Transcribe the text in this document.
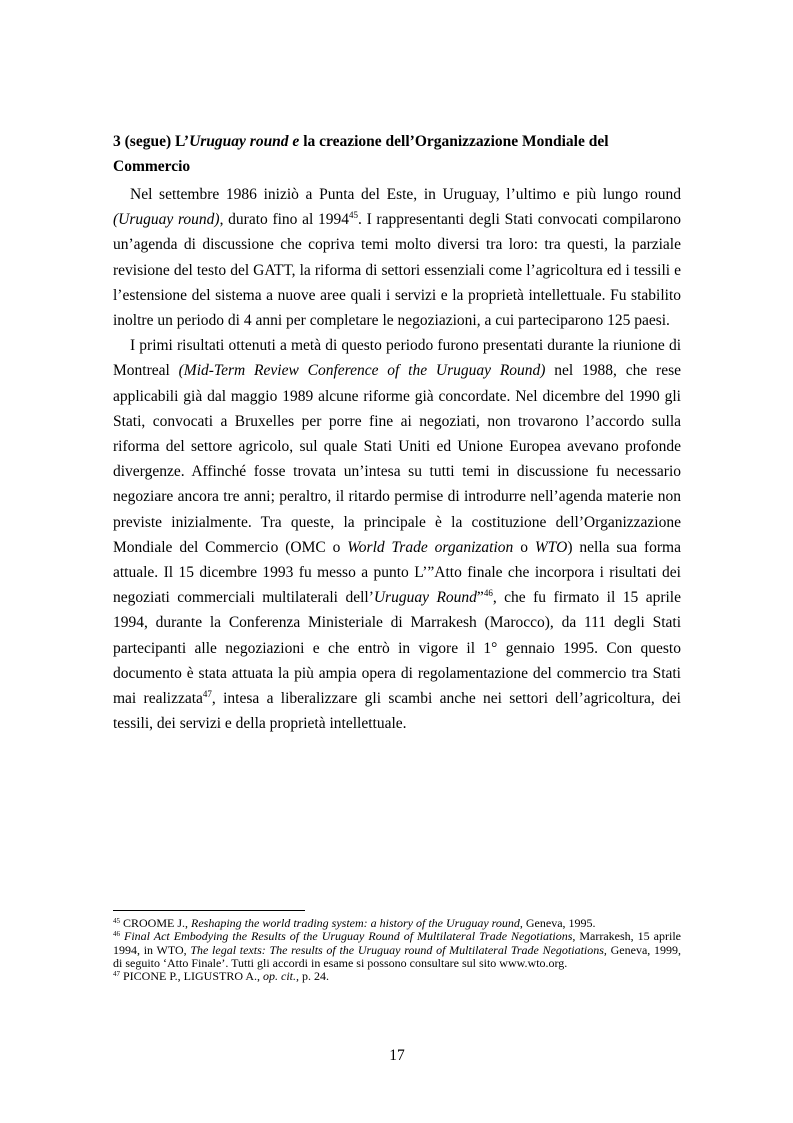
3 (segue) L’Uruguay round e la creazione dell’Organizzazione Mondiale del Commercio

Nel settembre 1986 iniziò a Punta del Este, in Uruguay, l’ultimo e più lungo round (Uruguay round), durato fino al 1994$^{45}$. I rappresentanti degli Stati convocati compilarono un’agenda di discussione che copriva temi molto diversi tra loro: tra questi, la parziale revisione del testo del GATT, la riforma di settori essenziali come l’agricoltura ed i tessili e l’estensione del sistema a nuove aree quali i servizi e la proprietà intellettuale. Fu stabilito inoltre un periodo di 4 anni per completare le negoziazioni, a cui parteciparono 125 paesi.

I primi risultati ottenuti a metà di questo periodo furono presentati durante la riunione di Montreal (Mid-Term Review Conference of the Uruguay Round) nel 1988, che rese applicabili già dal maggio 1989 alcune riforme già concordate. Nel dicembre del 1990 gli Stati, convocati a Bruxelles per porre fine ai negoziati, non trovarono l’accordo sulla riforma del settore agricolo, sul quale Stati Uniti ed Unione Europea avevano profonde divergenze. Affinché fosse trovata un’intesa su tutti temi in discussione fu necessario negoziare ancora tre anni; peraltro, il ritardo permise di introdurre nell’agenda materie non previste inizialmente. Tra queste, la principale è la costituzione dell’Organizzazione Mondiale del Commercio (OMC o World Trade organization o WTO) nella sua forma attuale. Il 15 dicembre 1993 fu messo a punto L’”Atto finale che incorpora i risultati dei negoziati commerciali multilaterali dell’Uruguay Round”$^{46}$, che fu firmato il 15 aprile 1994, durante la Conferenza Ministeriale di Marrakesh (Marocco), da 111 degli Stati partecipanti alle negoziazioni e che entrò in vigore il 1° gennaio 1995. Con questo documento è stata attuata la più ampia opera di regolamentazione del commercio tra Stati mai realizzata$^{47}$, intesa a liberalizzare gli scambi anche nei settori dell’agricoltura, dei tessili, dei servizi e della proprietà intellettuale.

$^{45}$ CROOME J., Reshaping the world trading system: a history of the Uruguay round, Geneva, 1995.

$^{46}$ Final Act Embodying the Results of the Uruguay Round of Multilateral Trade Negotiations, Marrakesh, 15 aprile 1994, in WTO, The legal texts: The results of the Uruguay round of Multilateral Trade Negotiations, Geneva, 1999, di seguito ‘Atto Finale’. Tutti gli accordi in esame si possono consultare sul sito www.wto.org.

$^{47}$ PICONE P., LIGUSTRO A., op. cit., p. 24.

17
